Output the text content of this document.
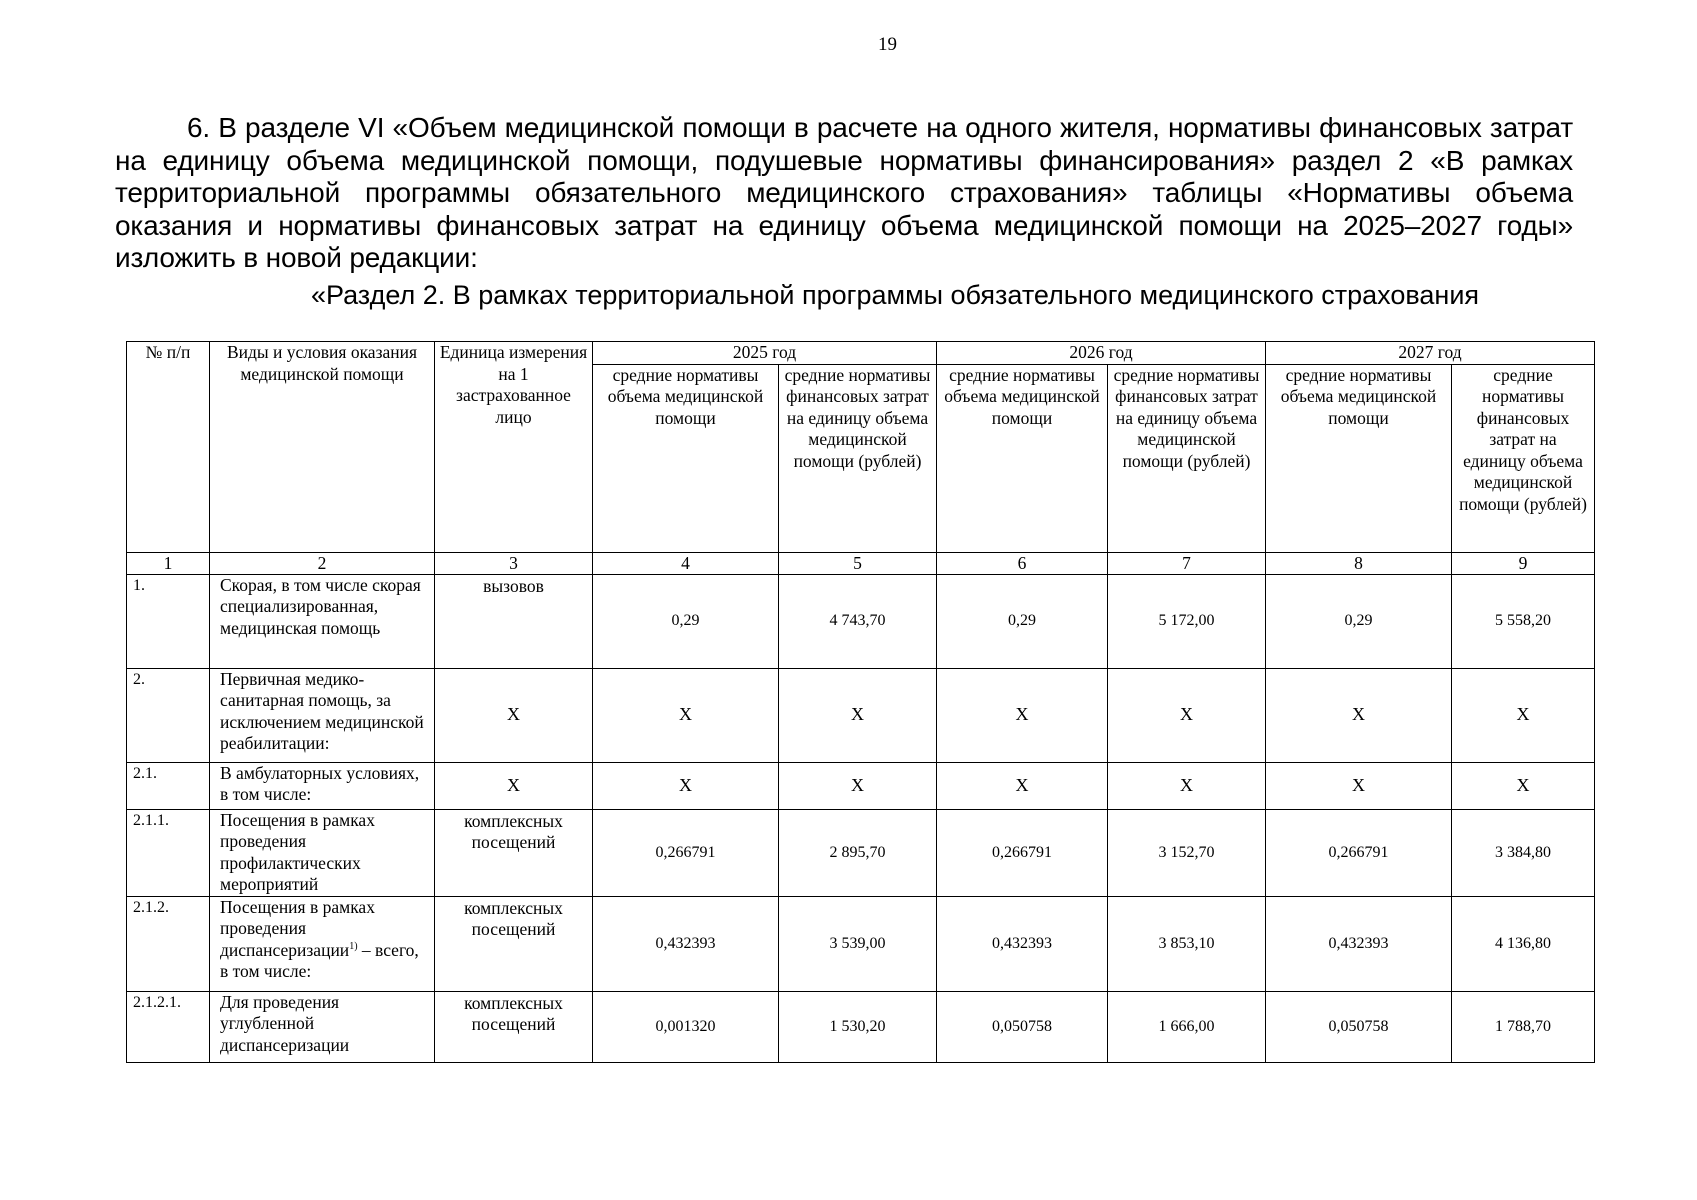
19

6. В разделе VI «Объем медицинской помощи в расчете на одного жителя, нормативы финансовых затрат на единицу объема медицинской помощи, подушевые нормативы финансирования» раздел 2 «В рамках территориальной программы обязательного медицинского страхования» таблицы «Нормативы объема оказания и нормативы финансовых затрат на единицу объема медицинской помощи на 2025–2027 годы» изложить в новой редакции:

«Раздел 2. В рамках территориальной программы обязательного медицинского страхования
№ п/п	Виды и условия оказания медицинской помощи	Единица измерения на 1 застрахованное лицо	2025 год		2026 год		2027 год	
			средние нормативы объема медицинской помощи	средние нормативы финансовых затрат на единицу объема медицинской помощи (рублей)	средние нормативы объема медицинской помощи	средние нормативы финансовых затрат на единицу объема медицинской помощи (рублей)	средние нормативы объема медицинской помощи	средние нормативы финансовых затрат на единицу объема медицинской помощи (рублей)
1	2	3	4	5	6	7	8	9
1.	Скорая, в том числе скорая специализированная, медицинская помощь	вызовов	0,29	4 743,70	0,29	5 172,00	0,29	5 558,20
2.	Первичная медико-санитарная помощь, за исключением медицинской реабилитации:	X	X	X	X	X	X	X
2.1.	В амбулаторных условиях, в том числе:	X	X	X	X	X	X	X
2.1.1.	Посещения в рамках проведения профилактических мероприятий	комплексных посещений	0,266791	2 895,70	0,266791	3 152,70	0,266791	3 384,80
2.1.2.	Посещения в рамках проведения диспансеризации$^{1)}$ – всего, в том числе:	комплексных посещений	0,432393	3 539,00	0,432393	3 853,10	0,432393	4 136,80
2.1.2.1.	Для проведения углубленной диспансеризации	комплексных посещений	0,001320	1 530,20	0,050758	1 666,00	0,050758	1 788,70
